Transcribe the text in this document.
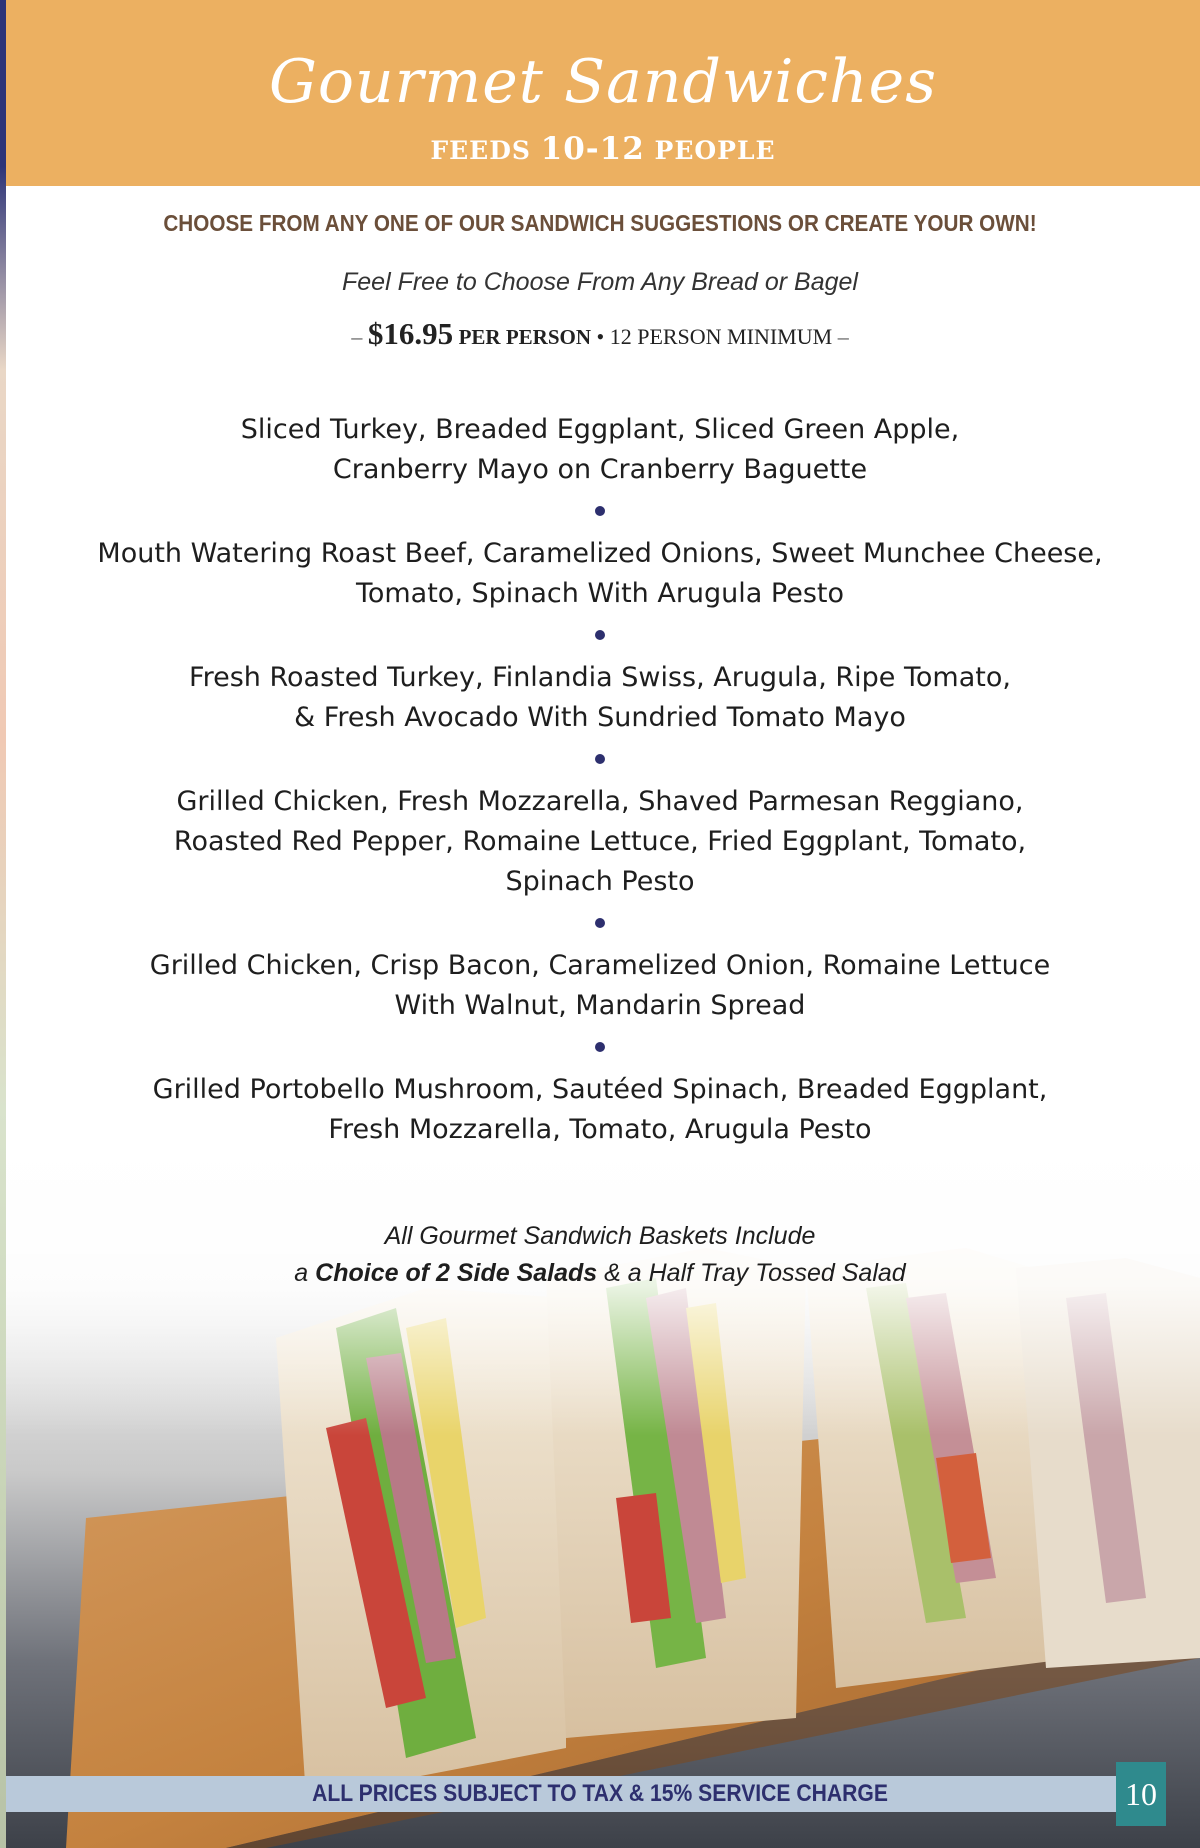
Gourmet Sandwiches
FEEDS 10-12 PEOPLE
CHOOSE FROM ANY ONE OF OUR SANDWICH SUGGESTIONS OR CREATE YOUR OWN!
Feel Free to Choose From Any Bread or Bagel
– $16.95 PER PERSON • 12 PERSON MINIMUM –
Sliced Turkey, Breaded Eggplant, Sliced Green Apple,
Cranberry Mayo on Cranberry Baguette
Mouth Watering Roast Beef, Caramelized Onions, Sweet Munchee Cheese,
Tomato, Spinach With Arugula Pesto
Fresh Roasted Turkey, Finlandia Swiss, Arugula, Ripe Tomato,
& Fresh Avocado With Sundried Tomato Mayo
Grilled Chicken, Fresh Mozzarella, Shaved Parmesan Reggiano,
Roasted Red Pepper, Romaine Lettuce, Fried Eggplant, Tomato,
Spinach Pesto
Grilled Chicken, Crisp Bacon, Caramelized Onion, Romaine Lettuce
With Walnut, Mandarin Spread
Grilled Portobello Mushroom, Sautéed Spinach, Breaded Eggplant,
Fresh Mozzarella, Tomato, Arugula Pesto
All Gourmet Sandwich Baskets Include
a Choice of 2 Side Salads & a Half Tray Tossed Salad
ALL PRICES SUBJECT TO TAX & 15% SERVICE CHARGE	10
